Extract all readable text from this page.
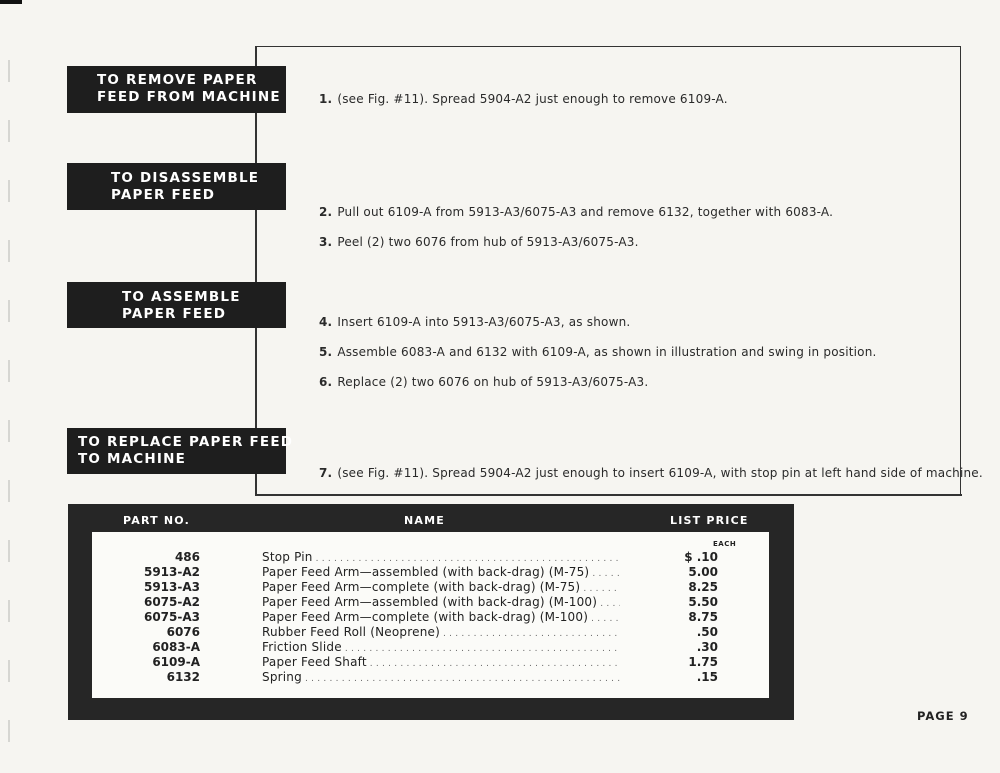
TO REMOVE PAPER
FEED FROM MACHINE
TO DISASSEMBLE
PAPER FEED
TO ASSEMBLE
PAPER FEED
TO REPLACE PAPER FEED
TO MACHINE
1. (see Fig. #11). Spread 5904-A2 just enough to remove 6109-A.
2. Pull out 6109-A from 5913-A3/6075-A3 and remove 6132, together with 6083-A.
3. Peel (2) two 6076 from hub of 5913-A3/6075-A3.
4. Insert 6109-A into 5913-A3/6075-A3, as shown.
5. Assemble 6083-A and 6132 with 6109-A, as shown in illustration and swing in position.
6. Replace (2) two 6076 on hub of 5913-A3/6075-A3.
7. (see Fig. #11). Spread 5904-A2 just enough to insert 6109-A, with stop pin at left hand side of machine.
PART NO.	NAME	LIST PRICE
EACH
486	Stop Pin . . .	$ .10
5913-A2	Paper Feed Arm—assembled (with back-drag) (M-75) . . .	5.00
5913-A3	Paper Feed Arm—complete (with back-drag) (M-75) . . .	8.25
6075-A2	Paper Feed Arm—assembled (with back-drag) (M-100) . . .	5.50
6075-A3	Paper Feed Arm—complete (with back-drag) (M-100) . . .	8.75
6076	Rubber Feed Roll (Neoprene) . . .	.50
6083-A	Friction Slide . . .	.30
6109-A	Paper Feed Shaft . . .	1.75
6132	Spring . . .	.15
PAGE 9
